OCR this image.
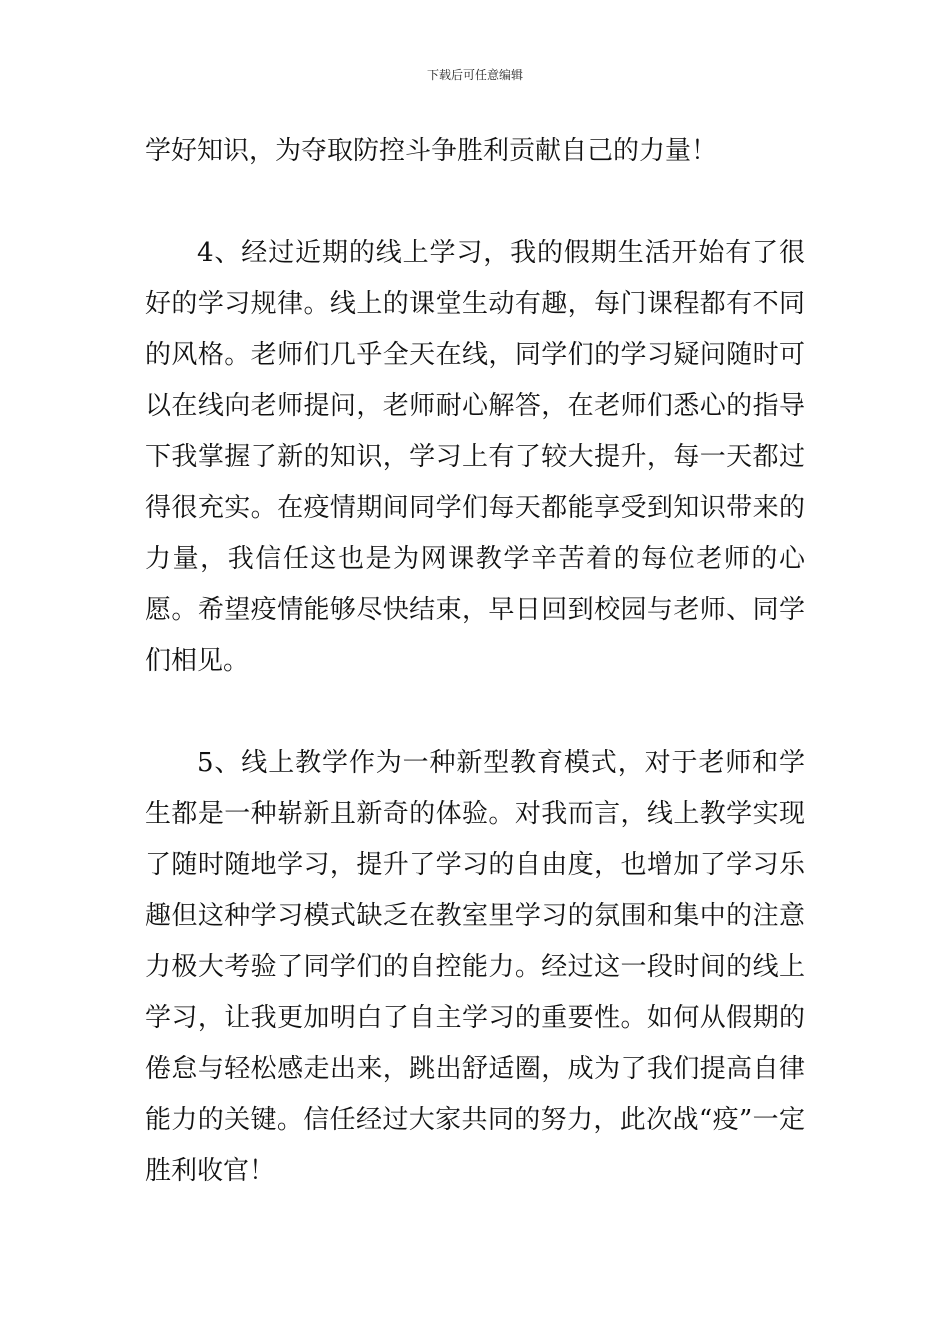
下载后可任意编辑

学好知识，为夺取防控斗争胜利贡献自己的力量！

4、经过近期的线上学习，我的假期生活开始有了很好的学习规律。线上的课堂生动有趣，每门课程都有不同的风格。老师们几乎全天在线，同学们的学习疑问随时可以在线向老师提问，老师耐心解答，在老师们悉心的指导下我掌握了新的知识，学习上有了较大提升，每一天都过得很充实。在疫情期间同学们每天都能享受到知识带来的力量，我信任这也是为网课教学辛苦着的每位老师的心愿。希望疫情能够尽快结束，早日回到校园与老师、同学们相见。

5、线上教学作为一种新型教育模式，对于老师和学生都是一种崭新且新奇的体验。对我而言，线上教学实现了随时随地学习，提升了学习的自由度，也增加了学习乐趣但这种学习模式缺乏在教室里学习的氛围和集中的注意力极大考验了同学们的自控能力。经过这一段时间的线上学习，让我更加明白了自主学习的重要性。如何从假期的倦怠与轻松感走出来，跳出舒适圈，成为了我们提高自律能力的关键。信任经过大家共同的努力，此次战“疫”一定胜利收官！
